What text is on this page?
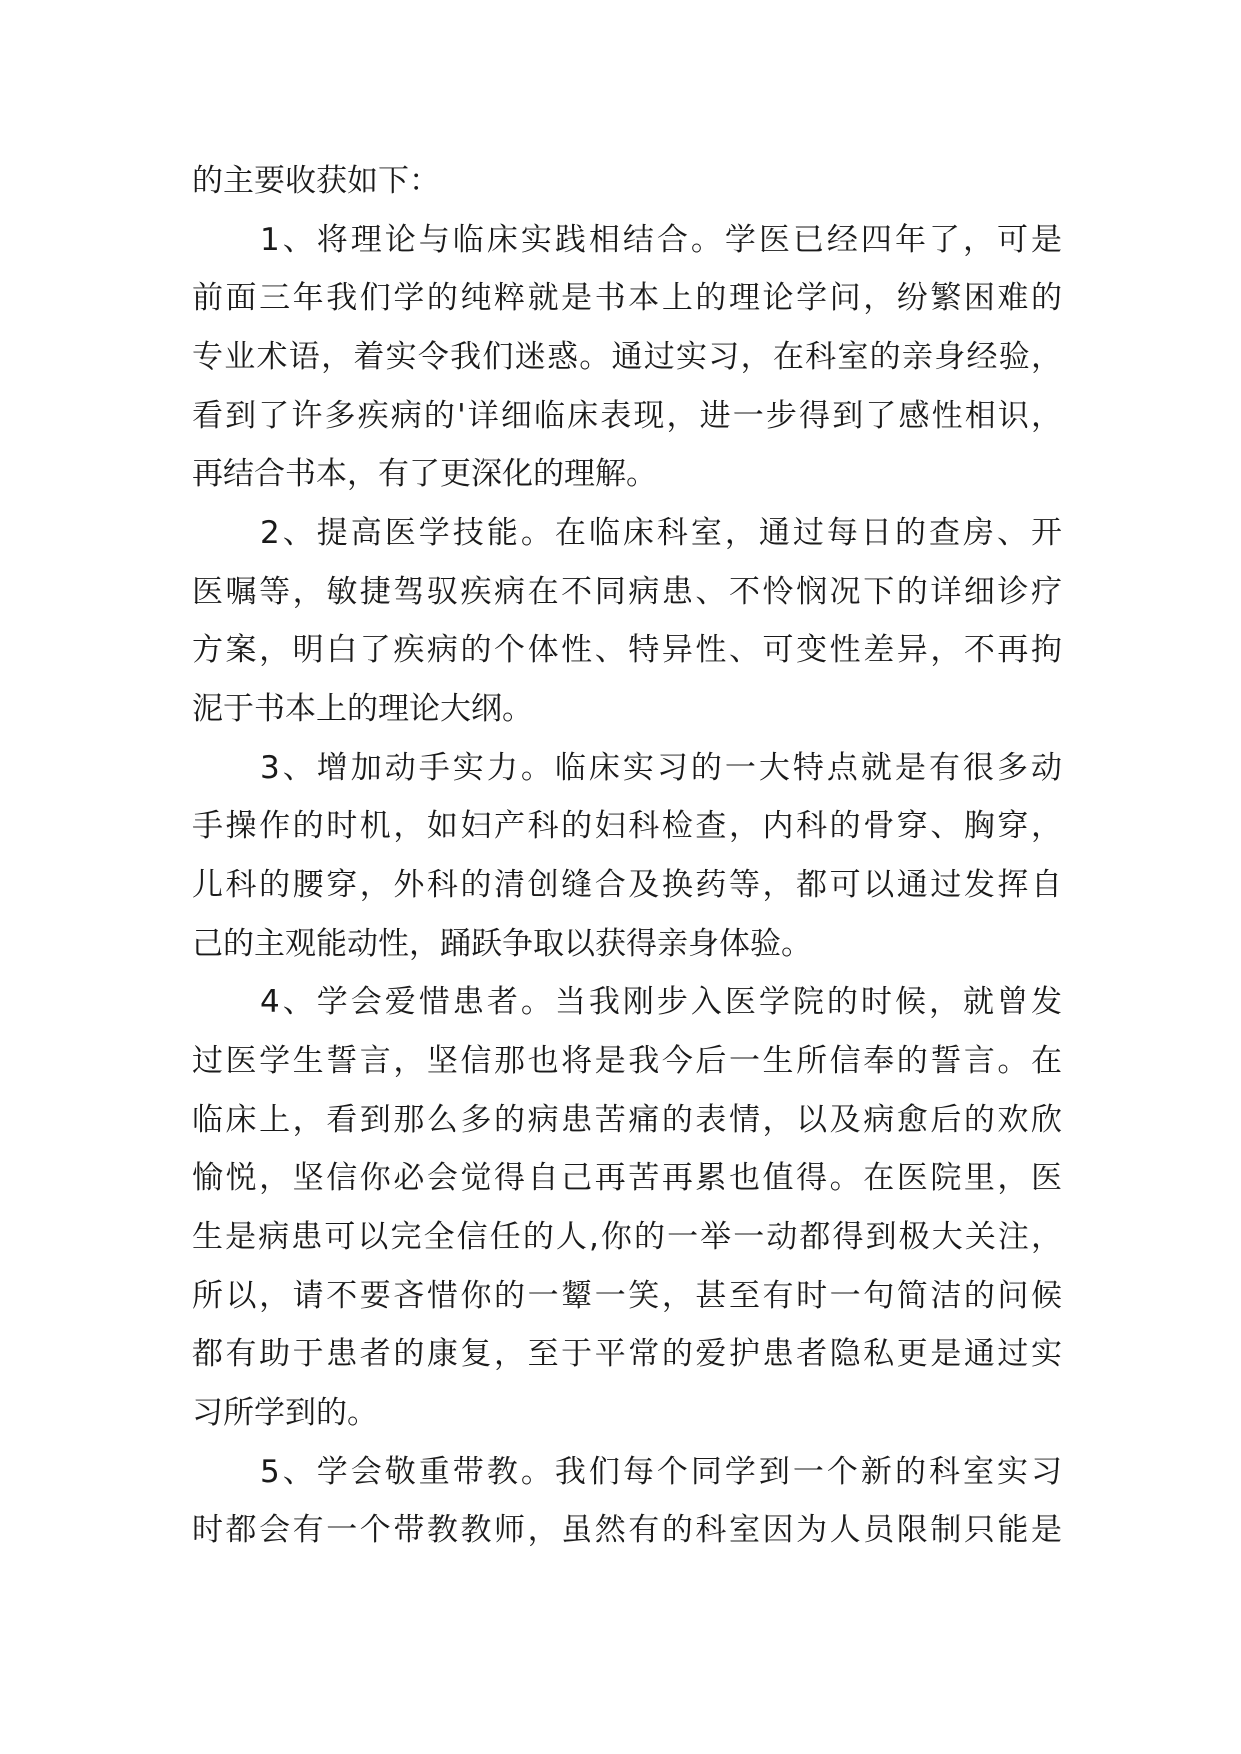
的主要收获如下：
　　1、将理论与临床实践相结合。学医已经四年了，可是
前面三年我们学的纯粹就是书本上的理论学问，纷繁困难的
专业术语，着实令我们迷惑。通过实习，在科室的亲身经验，
看到了许多疾病的'详细临床表现，进一步得到了感性相识，
再结合书本，有了更深化的理解。
　　2、提高医学技能。在临床科室，通过每日的查房、开
医嘱等，敏捷驾驭疾病在不同病患、不怜悯况下的详细诊疗
方案，明白了疾病的个体性、特异性、可变性差异，不再拘
泥于书本上的理论大纲。
　　3、增加动手实力。临床实习的一大特点就是有很多动
手操作的时机，如妇产科的妇科检查，内科的骨穿、胸穿，
儿科的腰穿，外科的清创缝合及换药等，都可以通过发挥自
己的主观能动性，踊跃争取以获得亲身体验。
　　4、学会爱惜患者。当我刚步入医学院的时候，就曾发
过医学生誓言，坚信那也将是我今后一生所信奉的誓言。在
临床上，看到那么多的病患苦痛的表情，以及病愈后的欢欣
愉悦，坚信你必会觉得自己再苦再累也值得。在医院里，医
生是病患可以完全信任的人,你的一举一动都得到极大关注，
所以，请不要吝惜你的一颦一笑，甚至有时一句简洁的问候
都有助于患者的康复，至于平常的爱护患者隐私更是通过实
习所学到的。
　　5、学会敬重带教。我们每个同学到一个新的科室实习
时都会有一个带教教师，虽然有的科室因为人员限制只能是
